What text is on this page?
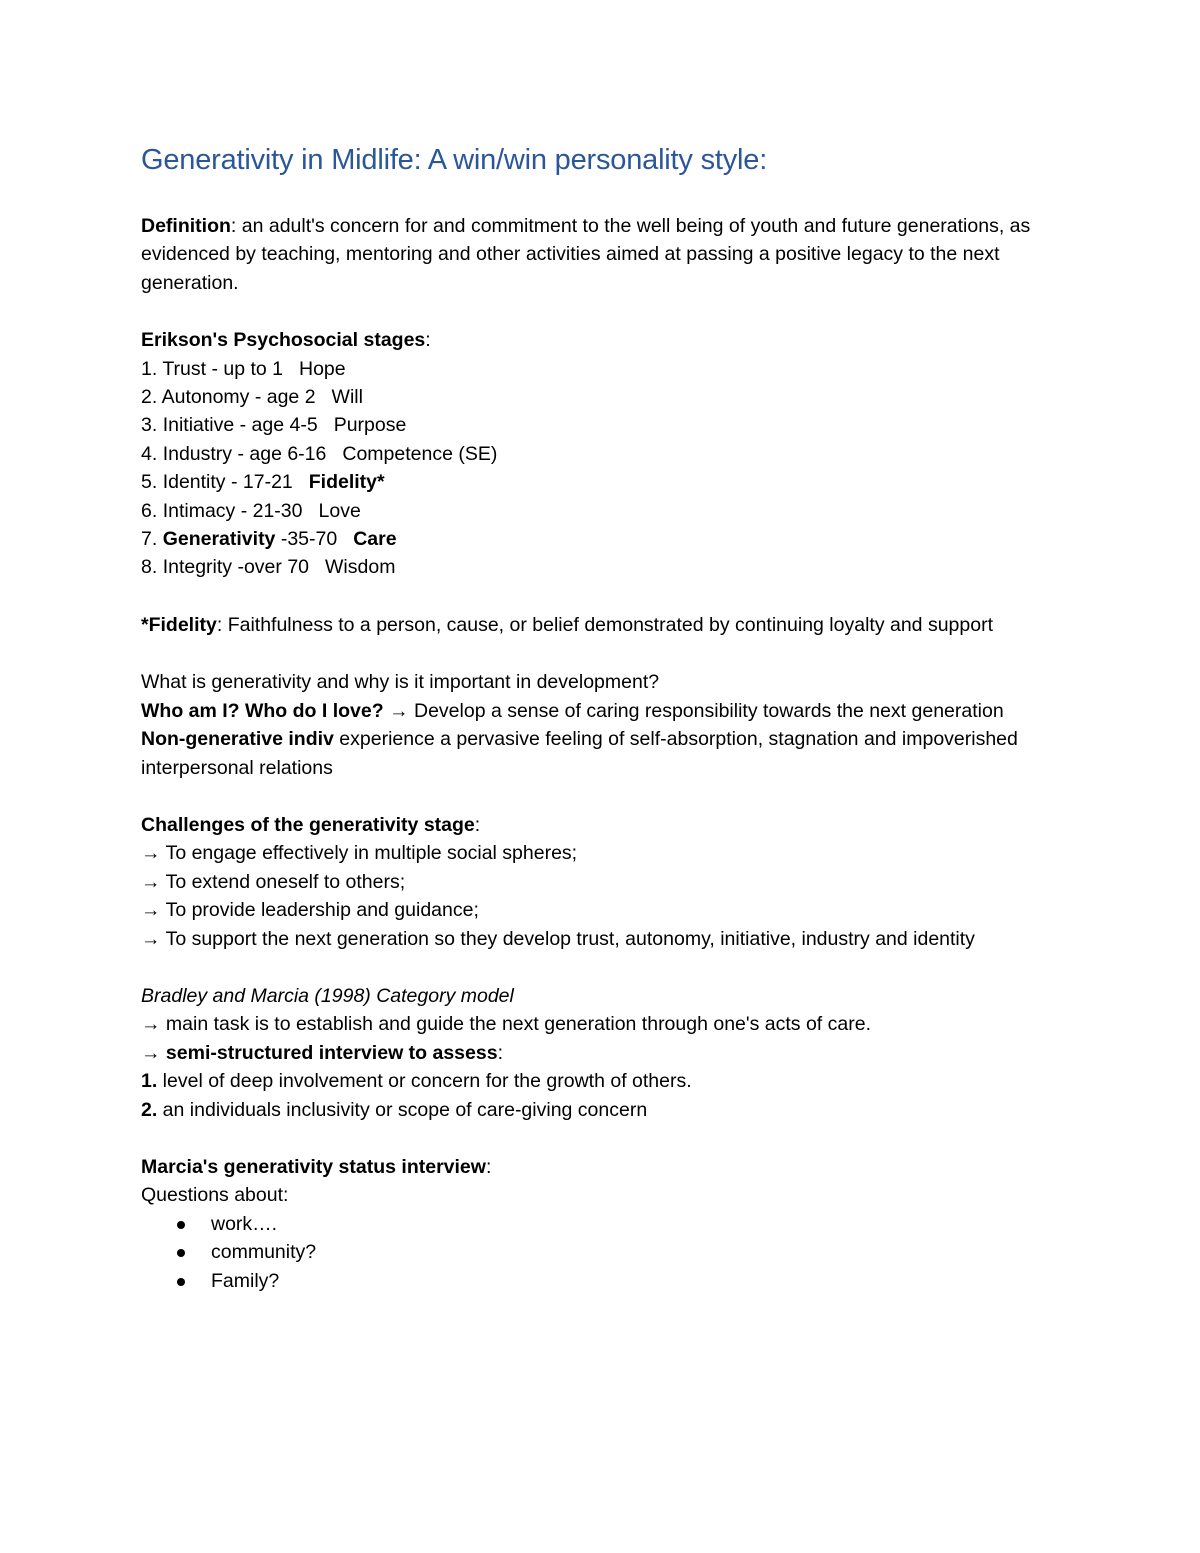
Generativity in Midlife: A win/win personality style:

Definition: an adult's concern for and commitment to the well being of youth and future generations, as evidenced by teaching, mentoring and other activities aimed at passing a positive legacy to the next generation.

Erikson's Psychosocial stages:

1. Trust - up to 1 Hope

2. Autonomy - age 2 Will

3. Initiative - age 4-5 Purpose

4. Industry - age 6-16 Competence (SE)

5. Identity - 17-21 Fidelity*

6. Intimacy - 21-30 Love

7. Generativity -35-70 Care

8. Integrity -over 70 Wisdom

*Fidelity: Faithfulness to a person, cause, or belief demonstrated by continuing loyalty and support

What is generativity and why is it important in development?

Who am I? Who do I love? → Develop a sense of caring responsibility towards the next generation

Non-generative indiv experience a pervasive feeling of self-absorption, stagnation and impoverished interpersonal relations

Challenges of the generativity stage:

→ To engage effectively in multiple social spheres;

→ To extend oneself to others;

→ To provide leadership and guidance;

→ To support the next generation so they develop trust, autonomy, initiative, industry and identity

Bradley and Marcia (1998) Category model

→ main task is to establish and guide the next generation through one's acts of care.

→ semi-structured interview to assess:

1. level of deep involvement or concern for the growth of others.

2. an individuals inclusivity or scope of care-giving concern

Marcia's generativity status interview:

Questions about:

work….
community?
Family?
